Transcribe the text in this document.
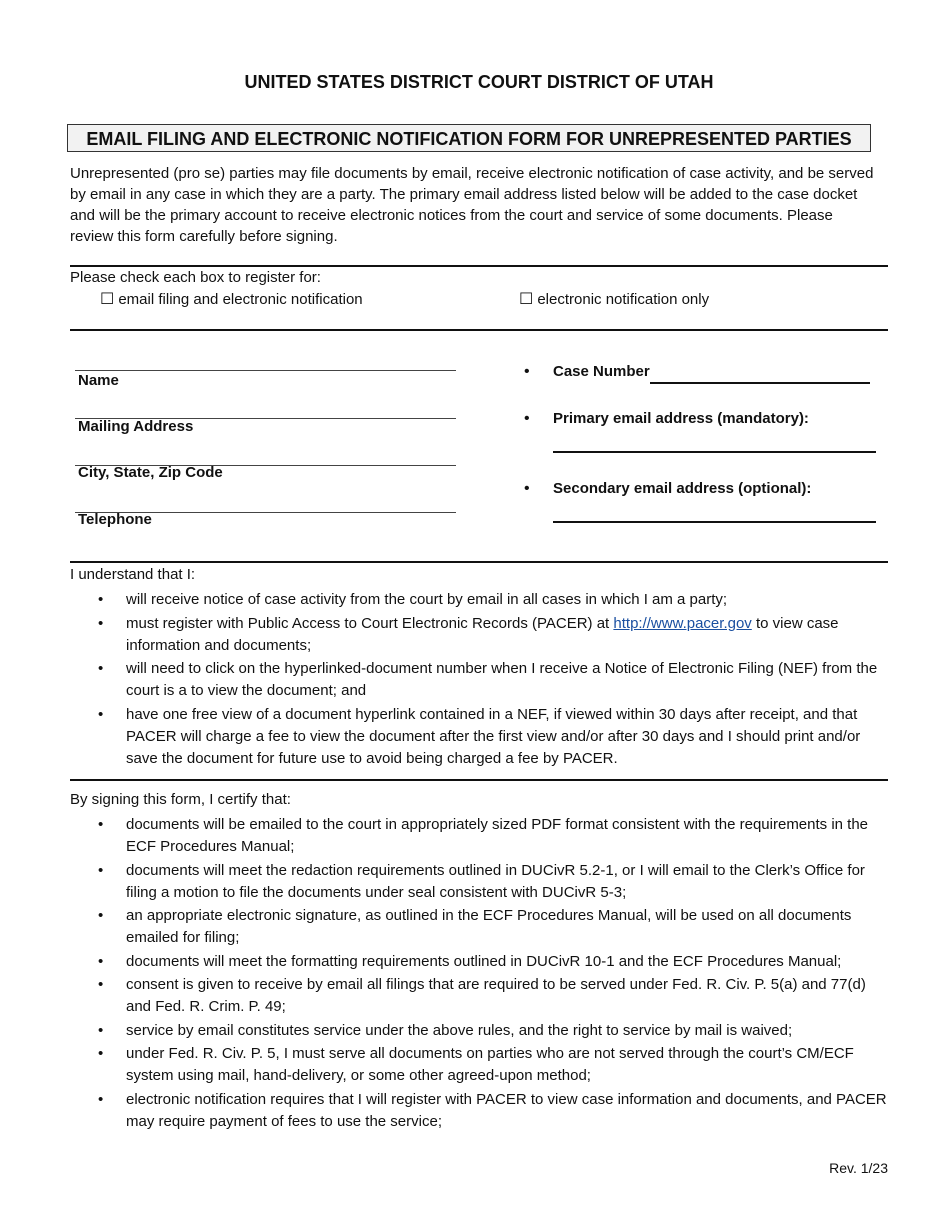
UNITED STATES DISTRICT COURT DISTRICT OF UTAH
EMAIL FILING AND ELECTRONIC NOTIFICATION FORM FOR UNREPRESENTED PARTIES
Unrepresented (pro se) parties may file documents by email, receive electronic notification of case activity, and be served by email in any case in which they are a party. The primary email address listed below will be added to the case docket and will be the primary account to receive electronic notices from the court and service of some documents. Please review this form carefully before signing.
Please check each box to register for:
☐ email filing and electronic notification	☐ electronic notification only
Name
Mailing Address
City, State, Zip Code
Telephone
• Case Number
• Primary email address (mandatory):
• Secondary email address (optional):
I understand that I:
• will receive notice of case activity from the court by email in all cases in which I am a party;
• must register with Public Access to Court Electronic Records (PACER) at http://www.pacer.gov to view case information and documents;
• will need to click on the hyperlinked-document number when I receive a Notice of Electronic Filing (NEF) from the court is a to view the document; and
• have one free view of a document hyperlink contained in a NEF, if viewed within 30 days after receipt, and that PACER will charge a fee to view the document after the first view and/or after 30 days and I should print and/or save the document for future use to avoid being charged a fee by PACER.
By signing this form, I certify that:
• documents will be emailed to the court in appropriately sized PDF format consistent with the requirements in the ECF Procedures Manual;
• documents will meet the redaction requirements outlined in DUCivR 5.2-1, or I will email to the Clerk’s Office for filing a motion to file the documents under seal consistent with DUCivR 5-3;
• an appropriate electronic signature, as outlined in the ECF Procedures Manual, will be used on all documents emailed for filing;
• documents will meet the formatting requirements outlined in DUCivR 10-1 and the ECF Procedures Manual;
• consent is given to receive by email all filings that are required to be served under Fed. R. Civ. P. 5(a) and 77(d) and Fed. R. Crim. P. 49;
• service by email constitutes service under the above rules, and the right to service by mail is waived;
• under Fed. R. Civ. P. 5, I must serve all documents on parties who are not served through the court’s CM/ECF system using mail, hand-delivery, or some other agreed-upon method;
• electronic notification requires that I will register with PACER to view case information and documents, and PACER may require payment of fees to use the service;
Rev. 1/23
